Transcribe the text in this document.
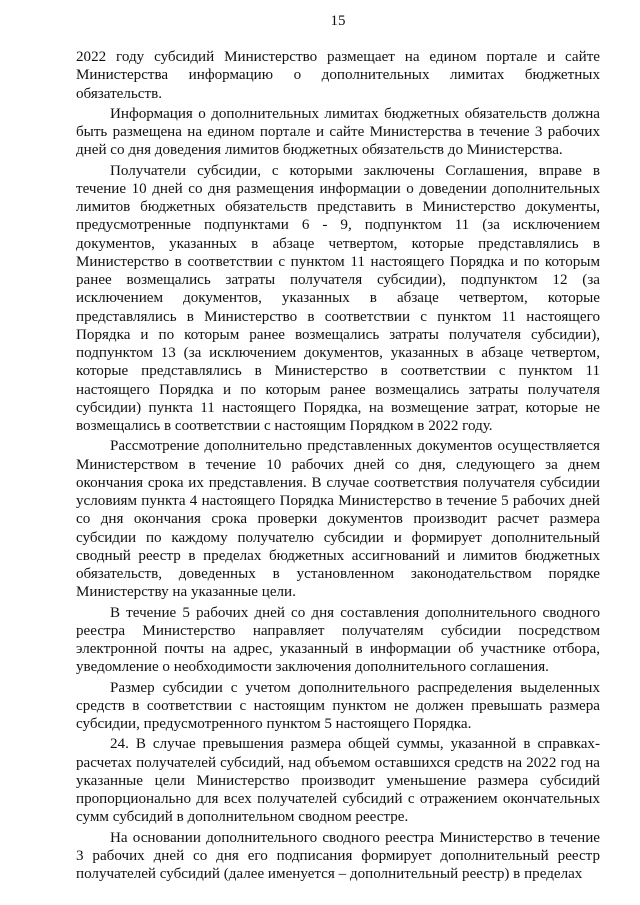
15

2022 году субсидий Министерство размещает на едином портале и сайте Министерства информацию о дополнительных лимитах бюджетных обязательств.

Информация о дополнительных лимитах бюджетных обязательств должна быть размещена на едином портале и сайте Министерства в течение 3 рабочих дней со дня доведения лимитов бюджетных обязательств до Министерства.

Получатели субсидии, с которыми заключены Соглашения, вправе в течение 10 дней со дня размещения информации о доведении дополнительных лимитов бюджетных обязательств представить в Министерство документы, предусмотренные подпунктами 6 - 9, подпунктом 11 (за исключением документов, указанных в абзаце четвертом, которые представлялись в Министерство в соответствии с пунктом 11 настоящего Порядка и по которым ранее возмещались затраты получателя субсидии), подпунктом 12 (за исключением документов, указанных в абзаце четвертом, которые представлялись в Министерство в соответствии с пунктом 11 настоящего Порядка и по которым ранее возмещались затраты получателя субсидии), подпунктом 13 (за исключением документов, указанных в абзаце четвертом, которые представлялись в Министерство в соответствии с пунктом 11 настоящего Порядка и по которым ранее возмещались затраты получателя субсидии) пункта 11 настоящего Порядка, на возмещение затрат, которые не возмещались в соответствии с настоящим Порядком в 2022 году.

Рассмотрение дополнительно представленных документов осуществляется Министерством в течение 10 рабочих дней со дня, следующего за днем окончания срока их представления. В случае соответствия получателя субсидии условиям пункта 4 настоящего Порядка Министерство в течение 5 рабочих дней со дня окончания срока проверки документов производит расчет размера субсидии по каждому получателю субсидии и формирует дополнительный сводный реестр в пределах бюджетных ассигнований и лимитов бюджетных обязательств, доведенных в установленном законодательством порядке Министерству на указанные цели.

В течение 5 рабочих дней со дня составления дополнительного сводного реестра Министерство направляет получателям субсидии посредством электронной почты на адрес, указанный в информации об участнике отбора, уведомление о необходимости заключения дополнительного соглашения.

Размер субсидии с учетом дополнительного распределения выделенных средств в соответствии с настоящим пунктом не должен превышать размера субсидии, предусмотренного пунктом 5 настоящего Порядка.

24. В случае превышения размера общей суммы, указанной в справках-расчетах получателей субсидий, над объемом оставшихся средств на 2022 год на указанные цели Министерство производит уменьшение размера субсидий пропорционально для всех получателей субсидий с отражением окончательных сумм субсидий в дополнительном сводном реестре.

На основании дополнительного сводного реестра Министерство в течение 3 рабочих дней со дня его подписания формирует дополнительный реестр получателей субсидий (далее именуется – дополнительный реестр) в пределах
